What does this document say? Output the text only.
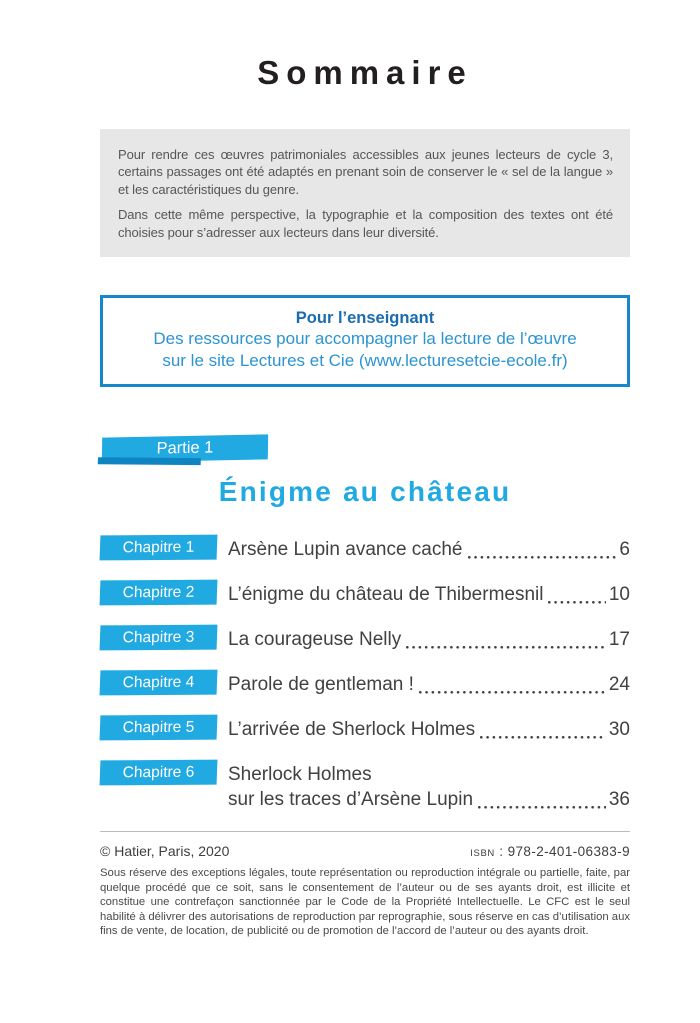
Sommaire

Pour rendre ces œuvres patrimoniales accessibles aux jeunes lecteurs de cycle 3, certains passages ont été adaptés en prenant soin de conserver le « sel de la langue » et les caractéristiques du genre.

Dans cette même perspective, la typographie et la composition des textes ont été choisies pour s’adresser aux lecteurs dans leur diversité.

Pour l’enseignant
Des ressources pour accompagner la lecture de l’œuvre
sur le site Lectures et Cie (www.lecturesetcie-ecole.fr)
Partie 1
Énigme au château
Chapitre 1	Arsène Lupin avance caché	6
Chapitre 2	L’énigme du château de Thibermesnil	10
Chapitre 3	La courageuse Nelly	17
Chapitre 4	Parole de gentleman !	24
Chapitre 5	L’arrivée de Sherlock Holmes	30
Chapitre 6	Sherlock Holmes
sur les traces d’Arsène Lupin	36
© Hatier, Paris, 2020	ISBN : 978-2-401-06383-9

Sous réserve des exceptions légales, toute représentation ou reproduction intégrale ou partielle, faite, par quelque procédé que ce soit, sans le consentement de l’auteur ou de ses ayants droit, est illicite et constitue une contrefaçon sanctionnée par le Code de la Propriété Intellectuelle. Le CFC est le seul habilité à délivrer des autorisations de reproduction par reprographie, sous réserve en cas d’utilisation aux fins de vente, de location, de publicité ou de promotion de l’accord de l’auteur ou des ayants droit.
